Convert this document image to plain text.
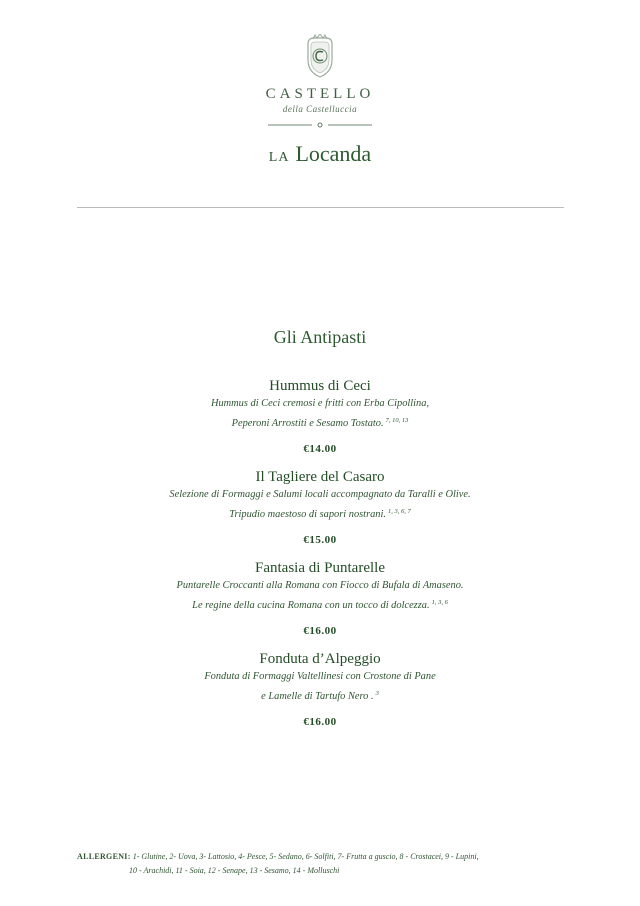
CASTELLO
della Castelluccia
LA Locanda
Gli Antipasti
Hummus di Ceci
Hummus di Ceci cremosi e fritti con Erba Cipollina,
Peperoni Arrostiti e Sesamo Tostato. $^{7, 10, 13}$
€14.00
Il Tagliere del Casaro
Selezione di Formaggi e Salumi locali accompagnato da Taralli e Olive.
Tripudio maestoso di sapori nostrani. $^{1, 3, 6, 7}$
€15.00
Fantasia di Puntarelle
Puntarelle Croccanti alla Romana con Fiocco di Bufala di Amaseno.
Le regine della cucina Romana con un tocco di dolcezza. $^{1, 3, 6}$
€16.00
Fonduta d’Alpeggio
Fonduta di Formaggi Valtellinesi con Crostone di Pane
e Lamelle di Tartufo Nero . $^3$
€16.00
ALLERGENI: 1- Glutine, 2- Uova, 3- Lattosio, 4- Pesce, 5- Sedano, 6- Solfiti, 7- Frutta a guscio, 8 - Crostacei, 9 - Lupini,
10 - Arachidi, 11 - Soia, 12 - Senape, 13 - Sesamo, 14 - Molluschi
